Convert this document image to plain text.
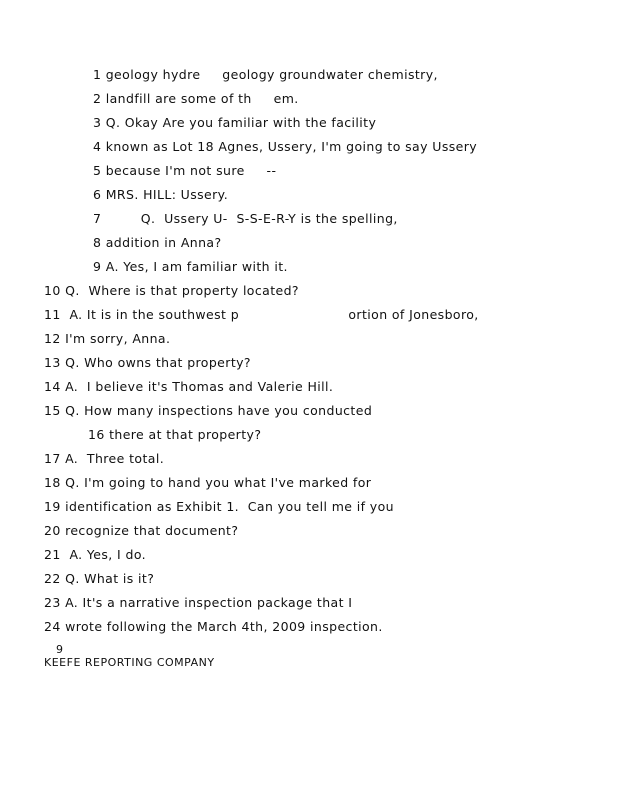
1 geology hydre     geology groundwater chemistry,
2 landfill are some of th     em.
3 Q. Okay Are you familiar with the facility
4 known as Lot 18 Agnes, Ussery, I'm going to say Ussery
5 because I'm not sure     --
6 MRS. HILL: Ussery.
7         Q.  Ussery U-  S-S-E-R-Y is the spelling,
8 addition in Anna?
9 A. Yes, I am familiar with it.
10 Q.  Where is that property located?
11  A. It is in the southwest p                         ortion of Jonesboro,
12 I'm sorry, Anna.
13 Q. Who owns that property?
14 A.  I believe it's Thomas and Valerie Hill.
15 Q. How many inspections have you conducted
16 there at that property?
17 A.  Three total.
18 Q. I'm going to hand you what I've marked for
19 identification as Exhibit 1.  Can you tell me if you
20 recognize that document?
21  A. Yes, I do.
22 Q. What is it?
23 A. It's a narrative inspection package that I
24 wrote following the March 4th, 2009 inspection.
9
KEEFE REPORTING COMPANY
